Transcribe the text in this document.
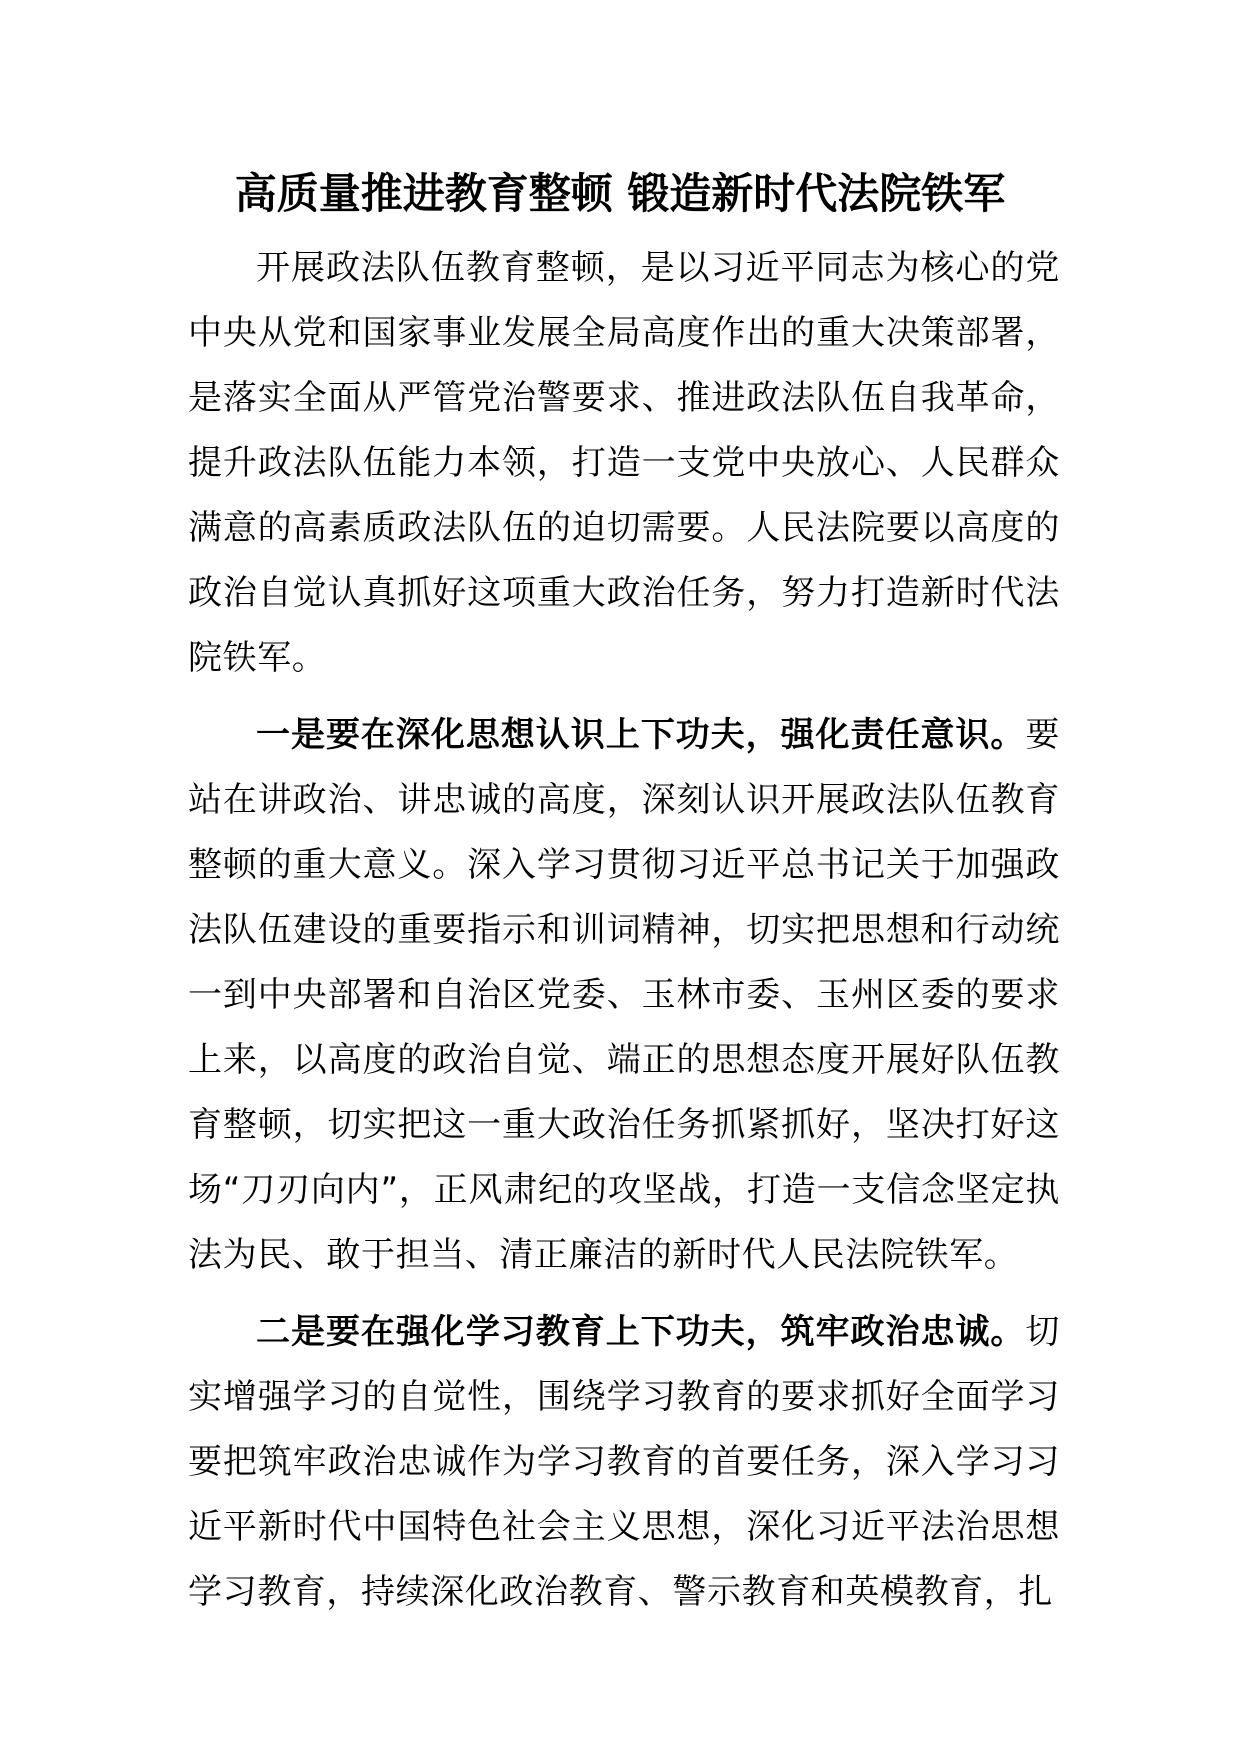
高质量推进教育整顿 锻造新时代法院铁军

开展政法队伍教育整顿，是以习近平同志为核心的党中央从党和国家事业发展全局高度作出的重大决策部署，是落实全面从严管党治警要求、推进政法队伍自我革命，提升政法队伍能力本领，打造一支党中央放心、人民群众满意的高素质政法队伍的迫切需要。人民法院要以高度的政治自觉认真抓好这项重大政治任务，努力打造新时代法院铁军。

一是要在深化思想认识上下功夫，强化责任意识。要站在讲政治、讲忠诚的高度，深刻认识开展政法队伍教育整顿的重大意义。深入学习贯彻习近平总书记关于加强政法队伍建设的重要指示和训词精神，切实把思想和行动统一到中央部署和自治区党委、玉林市委、玉州区委的要求上来，以高度的政治自觉、端正的思想态度开展好队伍教育整顿，切实把这一重大政治任务抓紧抓好，坚决打好这场“刀刃向内”，正风肃纪的攻坚战，打造一支信念坚定执法为民、敢于担当、清正廉洁的新时代人民法院铁军。

二是要在强化学习教育上下功夫，筑牢政治忠诚。切实增强学习的自觉性，围绕学习教育的要求抓好全面学习要把筑牢政治忠诚作为学习教育的首要任务，深入学习习近平新时代中国特色社会主义思想，深化习近平法治思想学习教育，持续深化政治教育、警示教育和英模教育，扎
